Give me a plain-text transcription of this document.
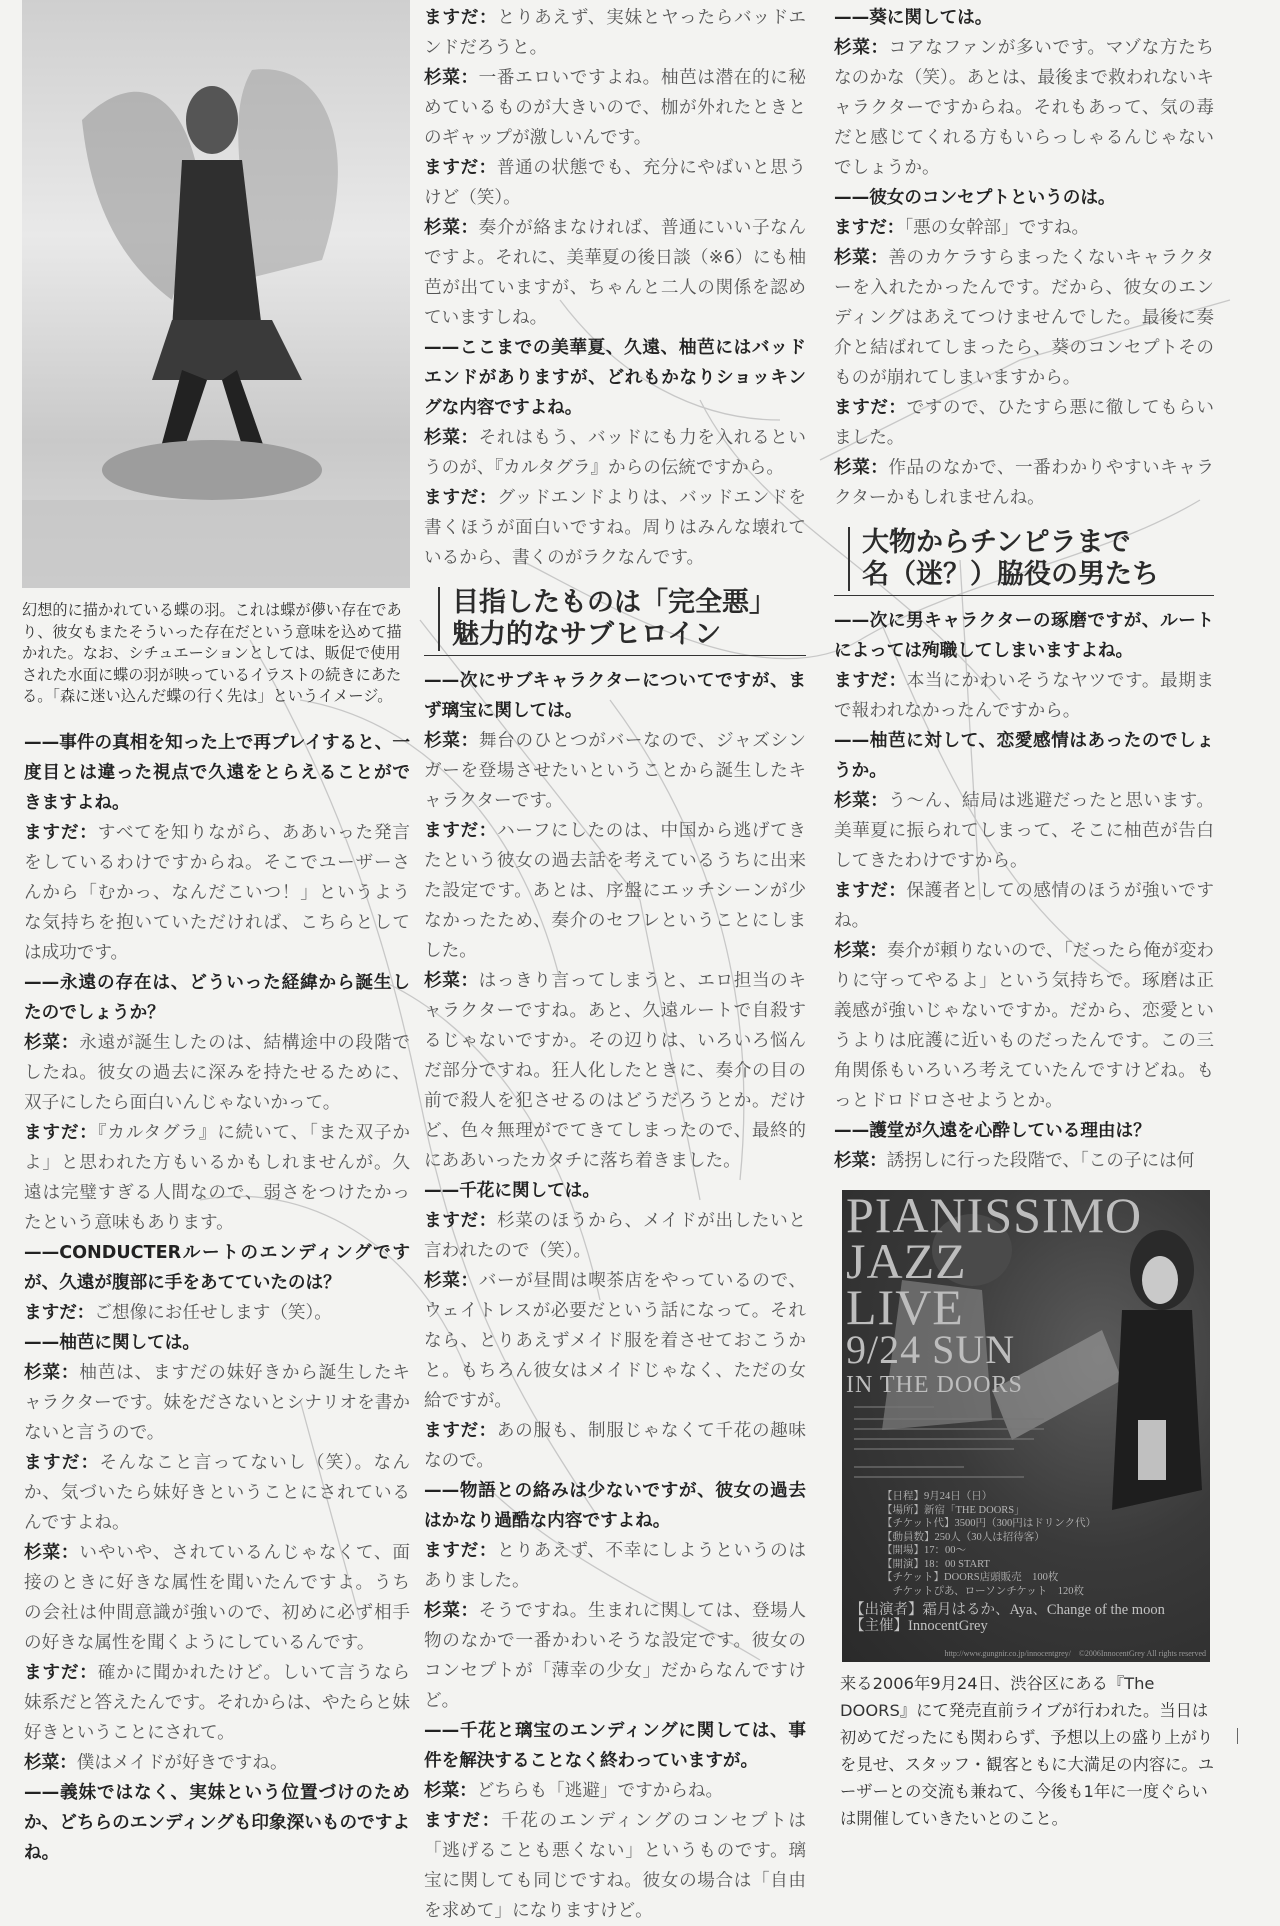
幻想的に描かれている蝶の羽。これは蝶が儚い存在であり、彼女もまたそういった存在だという意味を込めて描かれた。なお、シチュエーションとしては、販促で使用された水面に蝶の羽が映っているイラストの続きにあたる。「森に迷い込んだ蝶の行く先は」というイメージ。

——事件の真相を知った上で再プレイすると、一度目とは違った視点で久遠をとらえることができますよね。

ますだ：すべてを知りながら、ああいった発言をしているわけですからね。そこでユーザーさんから「むかっ、なんだこいつ！」というような気持ちを抱いていただければ、こちらとしては成功です。

——永遠の存在は、どういった経緯から誕生したのでしょうか？

杉菜：永遠が誕生したのは、結構途中の段階でしたね。彼女の過去に深みを持たせるために、双子にしたら面白いんじゃないかって。

ますだ：『カルタグラ』に続いて、「また双子かよ」と思われた方もいるかもしれませんが。久遠は完璧すぎる人間なので、弱さをつけたかったという意味もあります。

——CONDUCTERルートのエンディングですが、久遠が腹部に手をあてていたのは？

ますだ：ご想像にお任せします（笑）。

——柚芭に関しては。

杉菜：柚芭は、ますだの妹好きから誕生したキャラクターです。妹をださないとシナリオを書かないと言うので。

ますだ：そんなこと言ってないし（笑）。なんか、気づいたら妹好きということにされているんですよね。

杉菜：いやいや、されているんじゃなくて、面接のときに好きな属性を聞いたんですよ。うちの会社は仲間意識が強いので、初めに必ず相手の好きな属性を聞くようにしているんです。

ますだ：確かに聞かれたけど。しいて言うなら妹系だと答えたんです。それからは、やたらと妹好きということにされて。

杉菜：僕はメイドが好きですね。

——義妹ではなく、実妹という位置づけのためか、どちらのエンディングも印象深いものですよね。

ますだ：とりあえず、実妹とヤったらバッドエンドだろうと。

杉菜：一番エロいですよね。柚芭は潜在的に秘めているものが大きいので、枷が外れたときとのギャップが激しいんです。

ますだ：普通の状態でも、充分にやばいと思うけど（笑）。

杉菜：奏介が絡まなければ、普通にいい子なんですよ。それに、美華夏の後日談（※6）にも柚芭が出ていますが、ちゃんと二人の関係を認めていますしね。

——ここまでの美華夏、久遠、柚芭にはバッドエンドがありますが、どれもかなりショッキングな内容ですよね。

杉菜：それはもう、バッドにも力を入れるというのが、『カルタグラ』からの伝統ですから。

ますだ：グッドエンドよりは、バッドエンドを書くほうが面白いですね。周りはみんな壊れているから、書くのがラクなんです。

目指したものは「完全悪」
魅力的なサブヒロイン

——次にサブキャラクターについてですが、まず璃宝に関しては。

杉菜：舞台のひとつがバーなので、ジャズシンガーを登場させたいということから誕生したキャラクターです。

ますだ：ハーフにしたのは、中国から逃げてきたという彼女の過去話を考えているうちに出来た設定です。あとは、序盤にエッチシーンが少なかったため、奏介のセフレということにしました。

杉菜：はっきり言ってしまうと、エロ担当のキャラクターですね。あと、久遠ルートで自殺するじゃないですか。その辺りは、いろいろ悩んだ部分ですね。狂人化したときに、奏介の目の前で殺人を犯させるのはどうだろうとか。だけど、色々無理がでてきてしまったので、最終的にああいったカタチに落ち着きました。

——千花に関しては。

ますだ：杉菜のほうから、メイドが出したいと言われたので（笑）。

杉菜：バーが昼間は喫茶店をやっているので、ウェイトレスが必要だという話になって。それなら、とりあえずメイド服を着させておこうかと。もちろん彼女はメイドじゃなく、ただの女給ですが。

ますだ：あの服も、制服じゃなくて千花の趣味なので。

——物語との絡みは少ないですが、彼女の過去はかなり過酷な内容ですよね。

ますだ：とりあえず、不幸にしようというのはありました。

杉菜：そうですね。生まれに関しては、登場人物のなかで一番かわいそうな設定です。彼女のコンセプトが「薄幸の少女」だからなんですけど。

——千花と璃宝のエンディングに関しては、事件を解決することなく終わっていますが。

杉菜：どちらも「逃避」ですからね。

ますだ：千花のエンディングのコンセプトは「逃げることも悪くない」というものです。璃宝に関しても同じですね。彼女の場合は「自由を求めて」になりますけど。

——葵に関しては。

杉菜：コアなファンが多いです。マゾな方たちなのかな（笑）。あとは、最後まで救われないキャラクターですからね。それもあって、気の毒だと感じてくれる方もいらっしゃるんじゃないでしょうか。

——彼女のコンセプトというのは。

ますだ：「悪の女幹部」ですね。

杉菜：善のカケラすらまったくないキャラクターを入れたかったんです。だから、彼女のエンディングはあえてつけませんでした。最後に奏介と結ばれてしまったら、葵のコンセプトそのものが崩れてしまいますから。

ますだ：ですので、ひたすら悪に徹してもらいました。

杉菜：作品のなかで、一番わかりやすいキャラクターかもしれませんね。

大物からチンピラまで
名（迷？）脇役の男たち

——次に男キャラクターの琢磨ですが、ルートによっては殉職してしまいますよね。

ますだ：本当にかわいそうなヤツです。最期まで報われなかったんですから。

——柚芭に対して、恋愛感情はあったのでしょうか。

杉菜：う～ん、結局は逃避だったと思います。美華夏に振られてしまって、そこに柚芭が告白してきたわけですから。

ますだ：保護者としての感情のほうが強いですね。

杉菜：奏介が頼りないので、「だったら俺が変わりに守ってやるよ」という気持ちで。琢磨は正義感が強いじゃないですか。だから、恋愛というよりは庇護に近いものだったんです。この三角関係もいろいろ考えていたんですけどね。もっとドロドロさせようとか。

——護堂が久遠を心酔している理由は？

杉菜：誘拐しに行った段階で、「この子には何

PIANISSIMO
JAZZ
LIVE
9/24 SUN
IN THE DOORS
【日程】9月24日（日）
【場所】新宿「THE DOORS」
【チケット代】3500円（300円はドリンク代）
【動員数】250人（30人は招待客）
【開場】17：00～
【開演】18：00 START
【チケット】DOORS店頭販売　100枚
　チケットぴあ、ローソンチケット　120枚
【出演者】霜月はるか、Aya、Change of the moon
【主催】InnocentGrey
http://www.gungnir.co.jp/innocentgrey/　©2006InnocentGrey All rights reserved
来る2006年9月24日、渋谷区にある『The DOORS』にて発売直前ライブが行われた。当日は初めてだったにも関わらず、予想以上の盛り上がりを見せ、スタッフ・観客ともに大満足の内容に。ユーザーとの交流も兼ねて、今後も1年に一度ぐらいは開催していきたいとのこと。
